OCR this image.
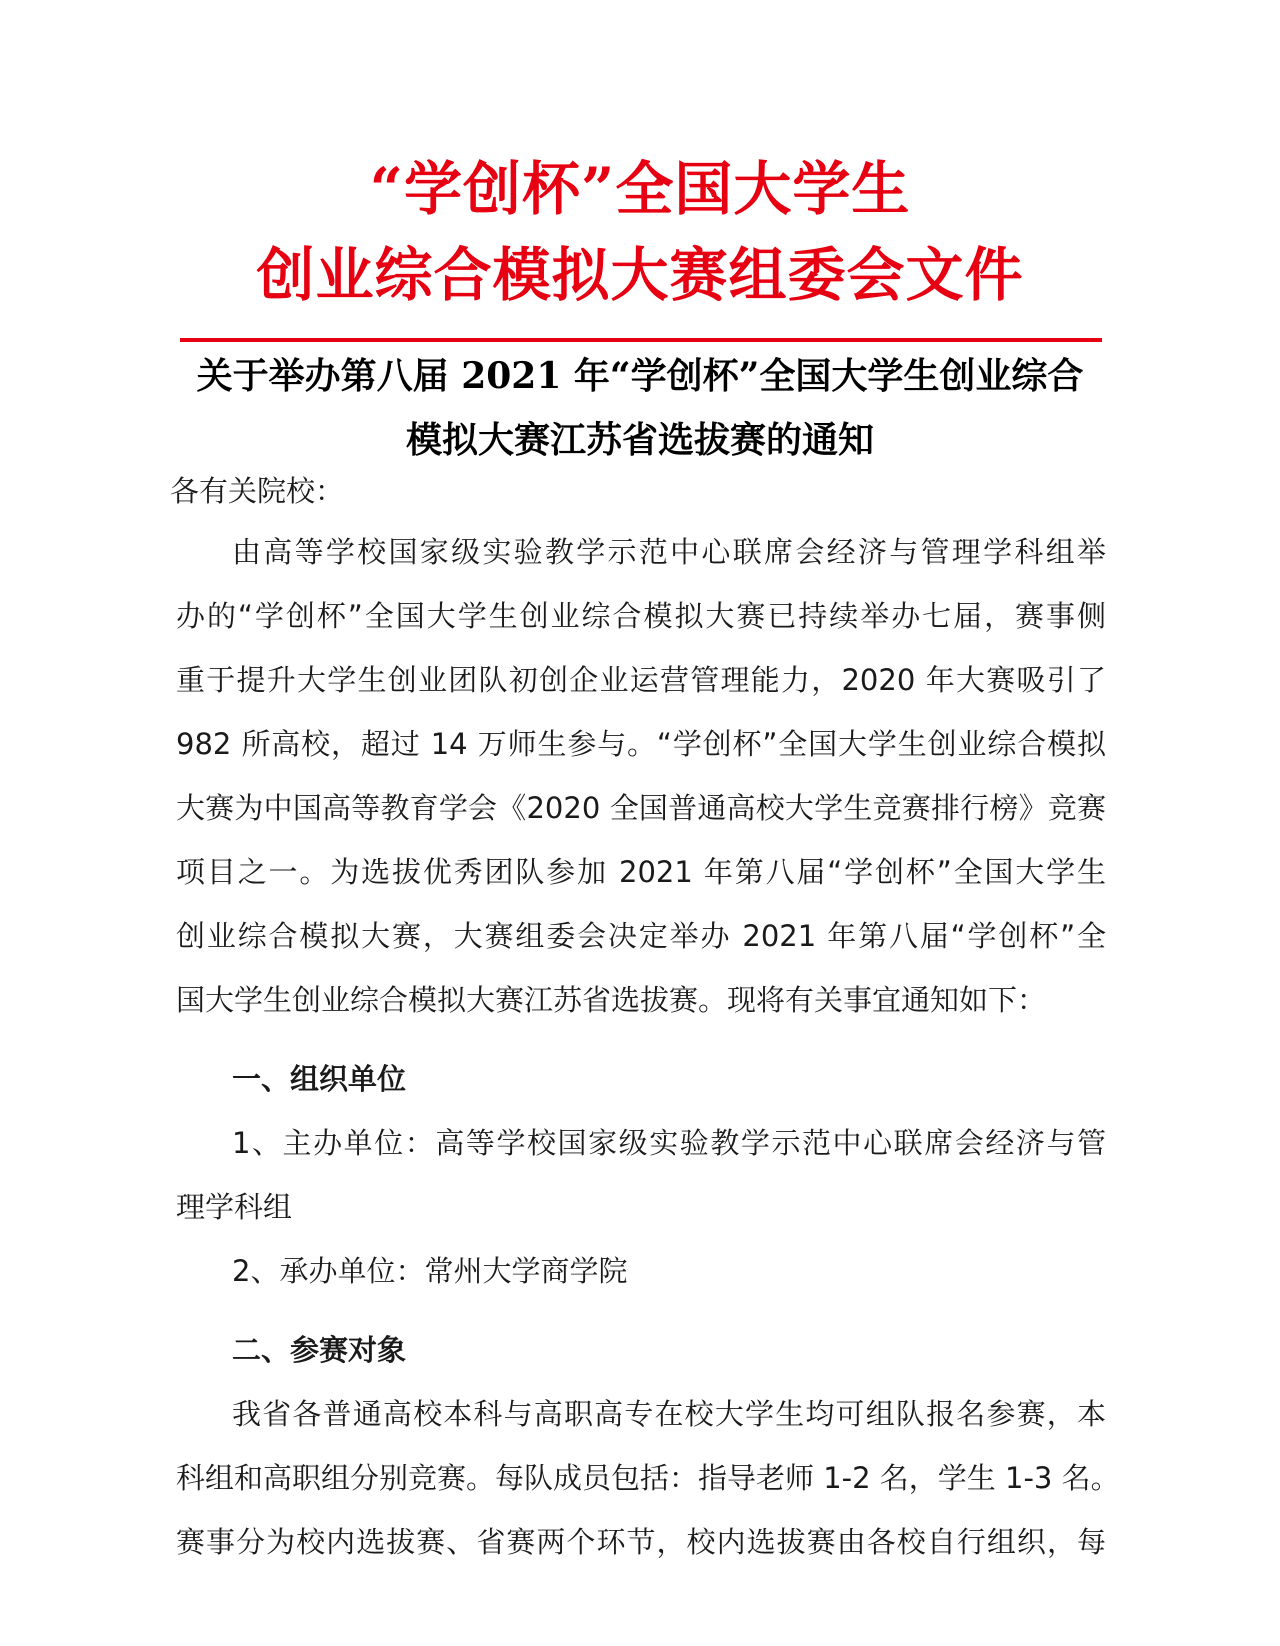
“学创杯”全国大学生
创业综合模拟大赛组委会文件
关于举办第八届 2021 年“学创杯”全国大学生创业综合
模拟大赛江苏省选拔赛的通知
各有关院校：
由高等学校国家级实验教学示范中心联席会经济与管理学科组举
办的“学创杯”全国大学生创业综合模拟大赛已持续举办七届，赛事侧
重于提升大学生创业团队初创企业运营管理能力，2020 年大赛吸引了
982 所高校，超过 14 万师生参与。“学创杯”全国大学生创业综合模拟
大赛为中国高等教育学会《2020 全国普通高校大学生竞赛排行榜》竞赛
项目之一。为选拔优秀团队参加 2021 年第八届“学创杯”全国大学生
创业综合模拟大赛，大赛组委会决定举办 2021 年第八届“学创杯”全
国大学生创业综合模拟大赛江苏省选拔赛。现将有关事宜通知如下：
一、组织单位
1、主办单位：高等学校国家级实验教学示范中心联席会经济与管
理学科组
2、承办单位：常州大学商学院
二、参赛对象
我省各普通高校本科与高职高专在校大学生均可组队报名参赛，本
科组和高职组分别竞赛。每队成员包括：指导老师 1-2 名，学生 1-3 名。
赛事分为校内选拔赛、省赛两个环节，校内选拔赛由各校自行组织，每
